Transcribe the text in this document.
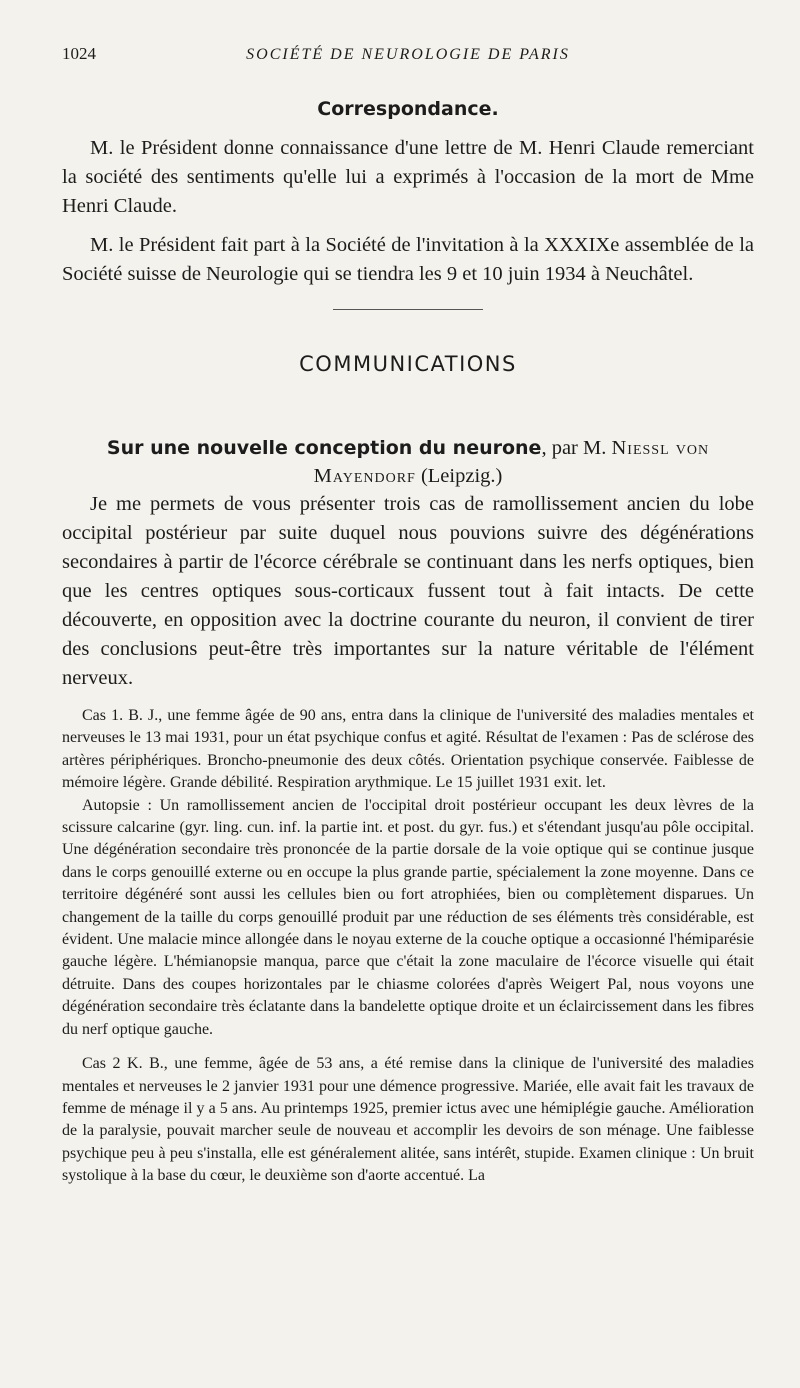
1024	SOCIÉTÉ DE NEUROLOGIE DE PARIS
Correspondance.

M. le Président donne connaissance d'une lettre de M. Henri Claude remerciant la société des sentiments qu'elle lui a exprimés à l'occasion de la mort de Mme Henri Claude.

M. le Président fait part à la Société de l'invitation à la XXXIXe assemblée de la Société suisse de Neurologie qui se tiendra les 9 et 10 juin 1934 à Neuchâtel.

COMMUNICATIONS
Sur une nouvelle conception du neurone, par M. Niessl von Mayendorf (Leipzig.)

Je me permets de vous présenter trois cas de ramollissement ancien du lobe occipital postérieur par suite duquel nous pouvions suivre des dégénérations secondaires à partir de l'écorce cérébrale se continuant dans les nerfs optiques, bien que les centres optiques sous-corticaux fussent tout à fait intacts. De cette découverte, en opposition avec la doctrine courante du neuron, il convient de tirer des conclusions peut-être très importantes sur la nature véritable de l'élément nerveux.

Cas 1. B. J., une femme âgée de 90 ans, entra dans la clinique de l'université des maladies mentales et nerveuses le 13 mai 1931, pour un état psychique confus et agité. Résultat de l'examen : Pas de sclérose des artères périphériques. Broncho-pneumonie des deux côtés. Orientation psychique conservée. Faiblesse de mémoire légère. Grande débilité. Respiration arythmique. Le 15 juillet 1931 exit. let.

Autopsie : Un ramollissement ancien de l'occipital droit postérieur occupant les deux lèvres de la scissure calcarine (gyr. ling. cun. inf. la partie int. et post. du gyr. fus.) et s'étendant jusqu'au pôle occipital. Une dégénération secondaire très prononcée de la partie dorsale de la voie optique qui se continue jusque dans le corps genouillé externe ou en occupe la plus grande partie, spécialement la zone moyenne. Dans ce territoire dégénéré sont aussi les cellules bien ou fort atrophiées, bien ou complètement disparues. Un changement de la taille du corps genouillé produit par une réduction de ses éléments très considérable, est évident. Une malacie mince allongée dans le noyau externe de la couche optique a occasionné l'hémiparésie gauche légère. L'hémianopsie manqua, parce que c'était la zone maculaire de l'écorce visuelle qui était détruite. Dans des coupes horizontales par le chiasme colorées d'après Weigert Pal, nous voyons une dégénération secondaire très éclatante dans la bandelette optique droite et un éclaircissement dans les fibres du nerf optique gauche.

Cas 2 K. B., une femme, âgée de 53 ans, a été remise dans la clinique de l'université des maladies mentales et nerveuses le 2 janvier 1931 pour une démence progressive. Mariée, elle avait fait les travaux de femme de ménage il y a 5 ans. Au printemps 1925, premier ictus avec une hémiplégie gauche. Amélioration de la paralysie, pouvait marcher seule de nouveau et accomplir les devoirs de son ménage. Une faiblesse psychique peu à peu s'installa, elle est généralement alitée, sans intérêt, stupide. Examen clinique : Un bruit systolique à la base du cœur, le deuxième son d'aorte accentué. La
